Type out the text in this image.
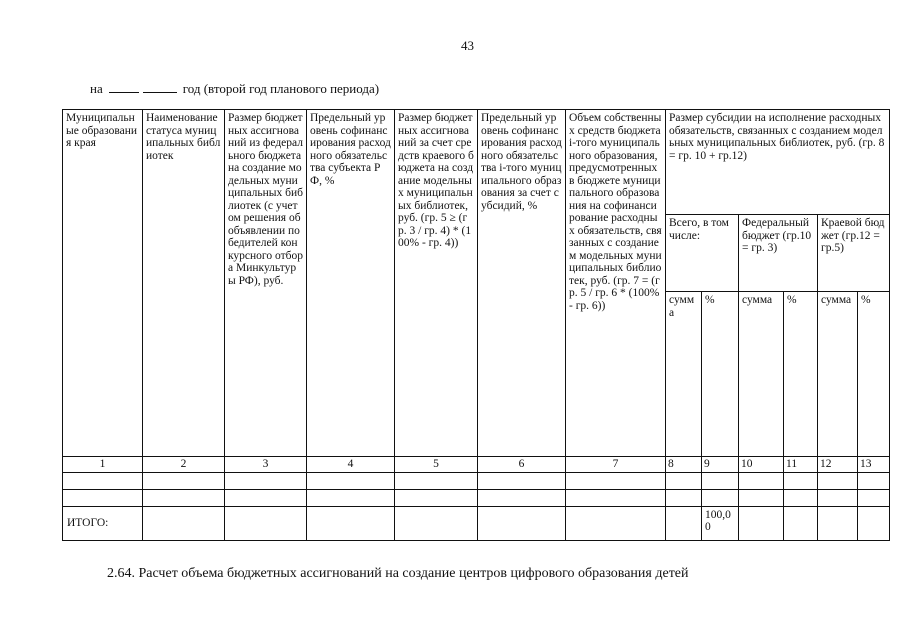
43
на	год (второй год планового периода)
Муниципальные образования края	Наименование статуса муниципальных библиотек	Размер бюджетных ассигнований из федерального бюджета на создание модельных муниципальных библиотек (с учетом решения об объявлении победителей конкурсного отбора Минкультуры РФ), руб.	Предельный уровень софинансирования расходного обязательства субъекта РФ, %	Размер бюджетных ассигнований за счет средств краевого бюджета на создание модельных муниципальных библиотек, руб. (гр. 5 ≥ (гр. 3 / гр. 4) * (100% - гр. 4))	Предельный уровень софинансирования расходного обязательства i-того муниципального образования за счет субсидий, %	Объем собственных средств бюджета i-того муниципального образования, предусмотренных в бюджете муниципального образования на софинансирование расходных обязательств, связанных с созданием модельных муниципальных библиотек, руб. (гр. 7 = (гр. 5 / гр. 6 * (100% - гр. 6))	Размер субсидии на исполнение расходных обязательств, связанных с созданием модельных муниципальных библиотек, руб. (гр. 8 = гр. 10 + гр.12)					
							Всего, в том числе:		Федеральный бюджет (гр.10 = гр. 3)		Краевой бюджет (гр.12 = гр.5)	
							сумма	%	сумма	%	сумма	%
1	2	3	4	5	6	7	8	9	10	11	12	13

ИТОГО:								100,00				
2.64. Расчет объема бюджетных ассигнований на создание центров цифрового образования детей
